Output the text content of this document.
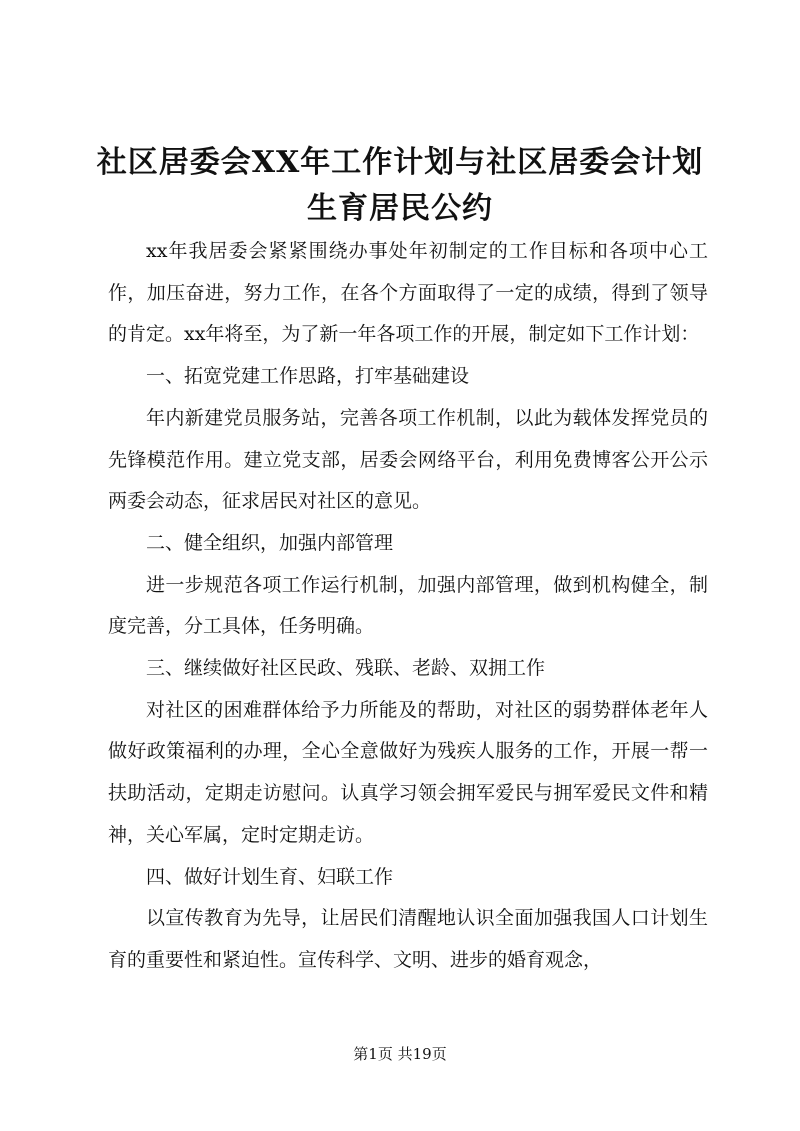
社区居委会XX年工作计划与社区居委会计划
生育居民公约

xx年我居委会紧紧围绕办事处年初制定的工作目标和各项中心工作，加压奋进，努力工作，在各个方面取得了一定的成绩，得到了领导的肯定。xx年将至，为了新一年各项工作的开展，制定如下工作计划：

一、拓宽党建工作思路，打牢基础建设

年内新建党员服务站，完善各项工作机制，以此为载体发挥党员的先锋模范作用。建立党支部，居委会网络平台，利用免费博客公开公示两委会动态，征求居民对社区的意见。

二、健全组织，加强内部管理

进一步规范各项工作运行机制，加强内部管理，做到机构健全，制度完善，分工具体，任务明确。

三、继续做好社区民政、残联、老龄、双拥工作

对社区的困难群体给予力所能及的帮助，对社区的弱势群体老年人做好政策福利的办理，全心全意做好为残疾人服务的工作，开展一帮一扶助活动，定期走访慰问。认真学习领会拥军爱民与拥军爱民文件和精神，关心军属，定时定期走访。

四、做好计划生育、妇联工作

以宣传教育为先导，让居民们清醒地认识全面加强我国人口计划生育的重要性和紧迫性。宣传科学、文明、进步的婚育观念，

第1页 共19页
